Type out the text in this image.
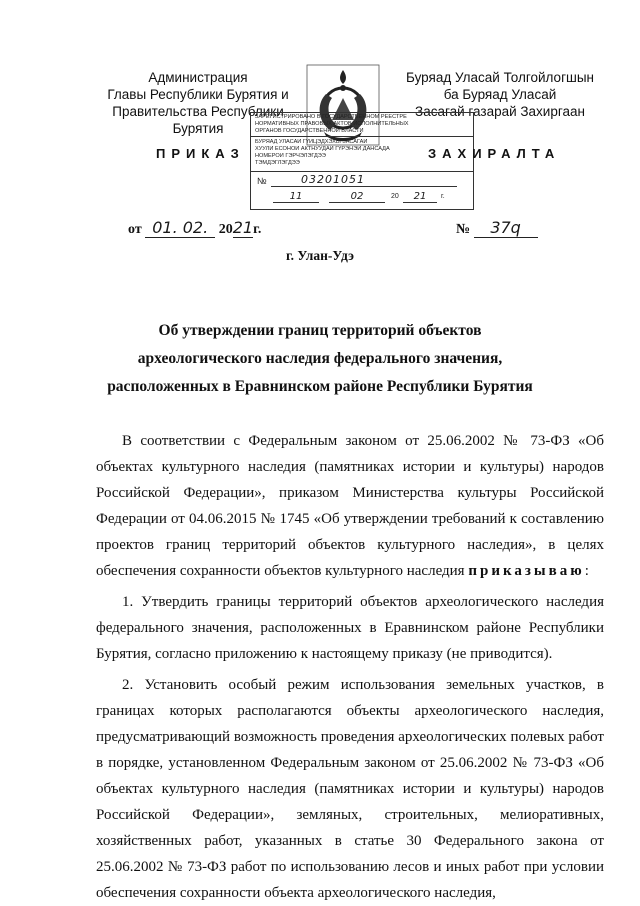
Администрация
Главы Республики Бурятия и
Правительства Республики Бурятия
Буряад Уласай Толгойлогшын
ба Буряад Уласай
Засагай газарай Захиргаан
ЗАРЕГИСТРИРОВАНО В ГОСУДАРСТВЕННОМ РЕЕСТРЕ
НОРМАТИВНЫХ ПРАВОВЫХ АКТОВ ИСПОЛНИТЕЛЬНЫХ
ОРГАНОВ ГОСУДАРСТВЕННОЙ ВЛАСТИ
БУРЯАД УЛАСАЙ ГҮЙЦЭДХЭХЫ ЗАСАГАЙ
ХУУЛИ ЁСОНОЙ АКТНУУДАЙ ГҮРЭНЭЙ ДАНСАДА
НОМЕРОЙ ГЭРЧЭЛЭГДЭЭ
ТЭМДЭГЛЭГДЭЭ
№	03201051
11	02	20	21	г.
ПРИКАЗ	ЗАХИРАЛТА
от 01. 02. 2021г.	№ 37q
г. Улан-Удэ
Об утверждении границ территорий объектов
археологического наследия федерального значения,
расположенных в Еравнинском районе Республики Бурятия

В соответствии с Федеральным законом от 25.06.2002 № 73-ФЗ «Об объектах культурного наследия (памятниках истории и культуры) народов Российской Федерации», приказом Министерства культуры Российской Федерации от 04.06.2015 № 1745 «Об утверждении требований к составлению проектов границ территорий объектов культурного наследия», в целях обеспечения сохранности объектов культурного наследия приказываю:

1. Утвердить границы территорий объектов археологического наследия федерального значения, расположенных в Еравнинском районе Республики Бурятия, согласно приложению к настоящему приказу (не приводится).

2. Установить особый режим использования земельных участков, в границах которых располагаются объекты археологического наследия, предусматривающий возможность проведения археологических полевых работ в порядке, установленном Федеральным законом от 25.06.2002 № 73-ФЗ «Об объектах культурного наследия (памятниках истории и культуры) народов Российской Федерации», земляных, строительных, мелиоративных, хозяйственных работ, указанных в статье 30 Федерального закона от 25.06.2002 № 73-ФЗ работ по использованию лесов и иных работ при условии обеспечения сохранности объекта археологического наследия,
